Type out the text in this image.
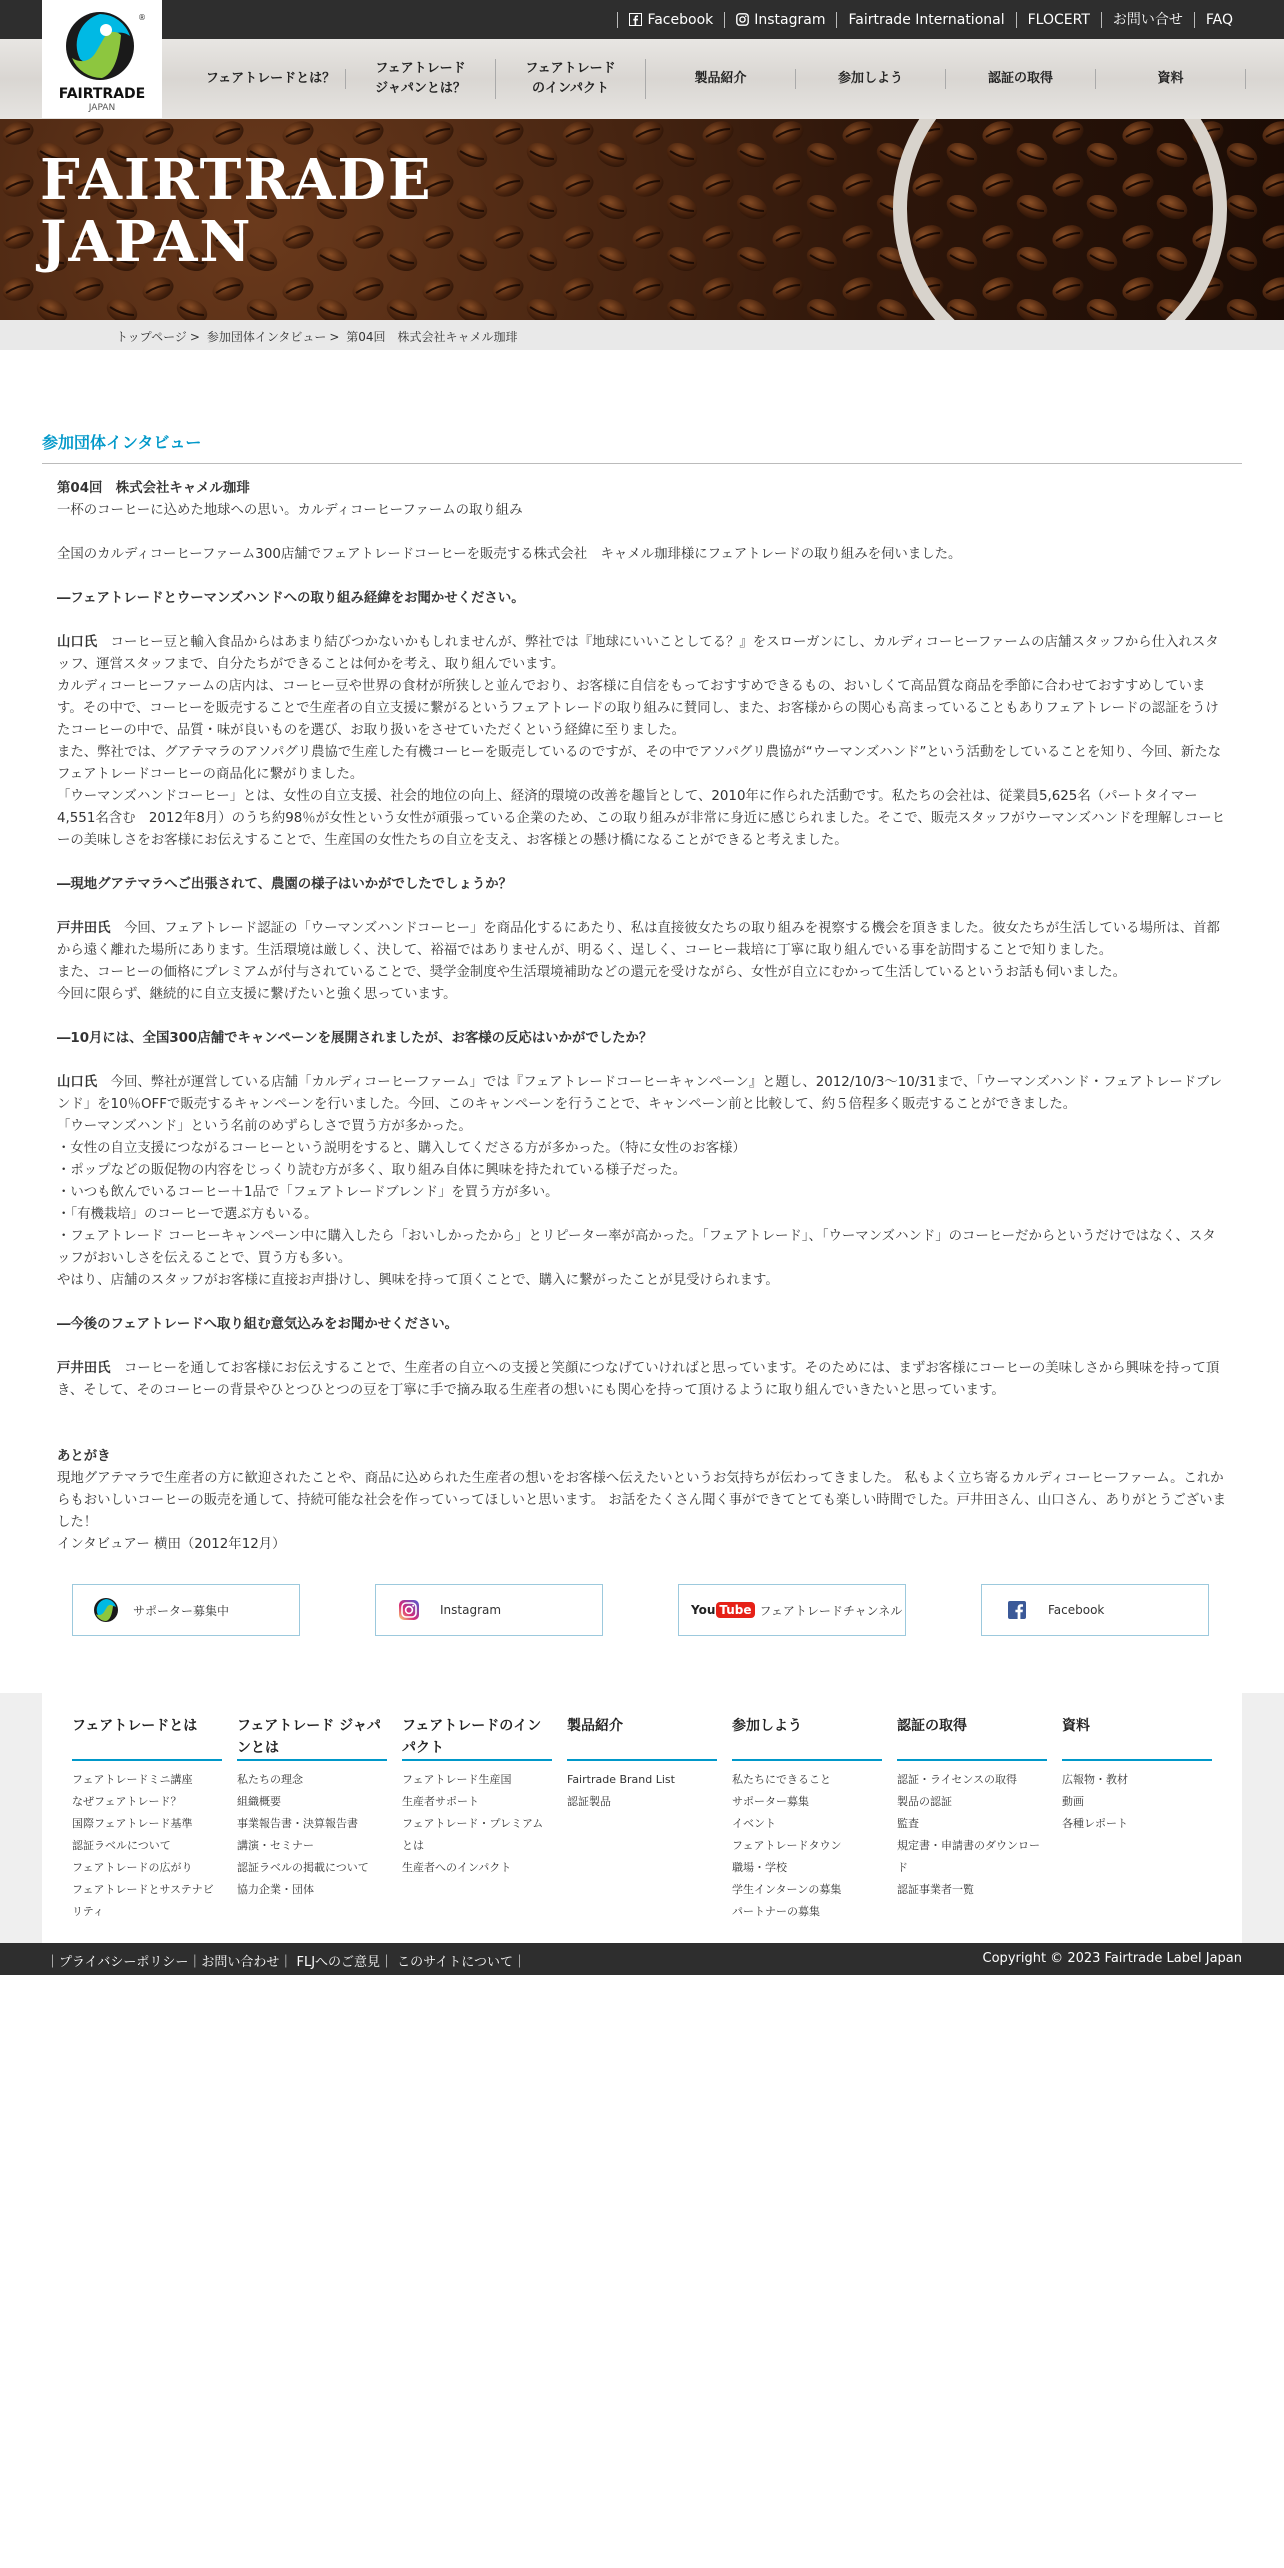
Facebook	Instagram	Fairtrade International	FLOCERT	お問い合せ	FAQ
フェアトレードとは？
フェアトレード
ジャパンとは？
フェアトレード
のインパクト
製品紹介	参加しよう	認証の取得	資料
®
FAIRTRADE
JAPAN
FAIRTRADE
JAPAN
トップページ > 参加団体インタビュー > 第04回　株式会社キャメル珈琲
参加団体インタビュー

第04回　株式会社キャメル珈琲

一杯のコーヒーに込めた地球への思い。カルディコーヒーファームの取り組み

全国のカルディコーヒーファーム300店舗でフェアトレードコーヒーを販売する株式会社　キャメル珈琲様にフェアトレードの取り組みを伺いました。

―フェアトレードとウーマンズハンドへの取り組み経緯をお聞かせください。

山口氏　コーヒー豆と輸入食品からはあまり結びつかないかもしれませんが、弊社では『地球にいいことしてる？』をスローガンにし、カルディコーヒーファームの店舗スタッフから仕入れスタッフ、運営スタッフまで、自分たちができることは何かを考え、取り組んでいます。

カルディコーヒーファームの店内は、コーヒー豆や世界の食材が所狭しと並んでおり、お客様に自信をもっておすすめできるもの、おいしくて高品質な商品を季節に合わせておすすめしています。その中で、コーヒーを販売することで生産者の自立支援に繋がるというフェアトレードの取り組みに賛同し、また、お客様からの関心も高まっていることもありフェアトレードの認証をうけたコーヒーの中で、品質・味が良いものを選び、お取り扱いをさせていただくという経緯に至りました。

また、弊社では、グアテマラのアソパグリ農協で生産した有機コーヒーを販売しているのですが、その中でアソパグリ農協が“ウーマンズハンド”という活動をしていることを知り、今回、新たなフェアトレードコーヒーの商品化に繋がりました。

「ウーマンズハンドコーヒー」とは、女性の自立支援、社会的地位の向上、経済的環境の改善を趣旨として、2010年に作られた活動です。私たちの会社は、従業員5,625名（パートタイマー4,551名含む　2012年8月）のうち約98％が女性という女性が頑張っている企業のため、この取り組みが非常に身近に感じられました。そこで、販売スタッフがウーマンズハンドを理解しコーヒーの美味しさをお客様にお伝えすることで、生産国の女性たちの自立を支え、お客様との懸け橋になることができると考えました。

―現地グアテマラへご出張されて、農園の様子はいかがでしたでしょうか？

戸井田氏　今回、フェアトレード認証の「ウーマンズハンドコーヒー」を商品化するにあたり、私は直接彼女たちの取り組みを視察する機会を頂きました。彼女たちが生活している場所は、首都から遠く離れた場所にあります。生活環境は厳しく、決して、裕福ではありませんが、明るく、逞しく、コーヒー栽培に丁寧に取り組んでいる事を訪問することで知りました。

また、コーヒーの価格にプレミアムが付与されていることで、奨学金制度や生活環境補助などの還元を受けながら、女性が自立にむかって生活しているというお話も伺いました。

今回に限らず、継続的に自立支援に繋げたいと強く思っています。

―10月には、全国300店舗でキャンペーンを展開されましたが、お客様の反応はいかがでしたか？

山口氏　今回、弊社が運営している店舗「カルディコーヒーファーム」では『フェアトレードコーヒーキャンペーン』と題し、2012/10/3～10/31まで、「ウーマンズハンド・フェアトレードブレンド」を10％OFFで販売するキャンペーンを行いました。今回、このキャンペーンを行うことで、キャンペーン前と比較して、約５倍程多く販売することができました。

「ウーマンズハンド」という名前のめずらしさで買う方が多かった。

・女性の自立支援につながるコーヒーという説明をすると、購入してくださる方が多かった。（特に女性のお客様）

・ポップなどの販促物の内容をじっくり読む方が多く、取り組み自体に興味を持たれている様子だった。

・いつも飲んでいるコーヒー＋1品で「フェアトレードブレンド」を買う方が多い。

・「有機栽培」のコーヒーで選ぶ方もいる。

・フェアトレード コーヒーキャンペーン中に購入したら「おいしかったから」とリピーター率が高かった。「フェアトレード」、「ウーマンズハンド」のコーヒーだからというだけではなく、スタッフがおいしさを伝えることで、買う方も多い。

やはり、店舗のスタッフがお客様に直接お声掛けし、興味を持って頂くことで、購入に繋がったことが見受けられます。

―今後のフェアトレードへ取り組む意気込みをお聞かせください。

戸井田氏　コーヒーを通してお客様にお伝えすることで、生産者の自立への支援と笑顔につなげていければと思っています。そのためには、まずお客様にコーヒーの美味しさから興味を持って頂き、そして、そのコーヒーの背景やひとつひとつの豆を丁寧に手で摘み取る生産者の想いにも関心を持って頂けるように取り組んでいきたいと思っています。

あとがき

現地グアテマラで生産者の方に歓迎されたことや、商品に込められた生産者の想いをお客様へ伝えたいというお気持ちが伝わってきました。 私もよく立ち寄るカルディコーヒーファーム。これからもおいしいコーヒーの販売を通して、持続可能な社会を作っていってほしいと思います。 お話をたくさん聞く事ができてとても楽しい時間でした。戸井田さん、山口さん、ありがとうございました！

インタビュアー 横田（2012年12月）

サポーター募集中	Instagram	You Tube フェアトレードチャンネル	Facebook
フェアトレードとは
フェアトレードミニ講座
なぜフェアトレード？
国際フェアトレード基準
認証ラベルについて
フェアトレードの広がり
フェアトレードとサステナビリティ
フェアトレード ジャパンとは
私たちの理念
組織概要
事業報告書・決算報告書
講演・セミナー
認証ラベルの掲載について
協力企業・団体
フェアトレードのインパクト
フェアトレード生産国
生産者サポート
フェアトレード・プレミアムとは
生産者へのインパクト
製品紹介
Fairtrade Brand List
認証製品
参加しよう
私たちにできること
サポーター募集
イベント
フェアトレードタウン
職場・学校
学生インターンの募集
パートナーの募集
認証の取得
認証・ライセンスの取得
製品の認証
監査
規定書・申請書のダウンロード
認証事業者一覧
資料
広報物・教材
動画
各種レポート
｜プライバシーポリシー｜お問い合わせ｜ FLJへのご意見｜ このサイトについて｜	Copyright © 2023 Fairtrade Label Japan
